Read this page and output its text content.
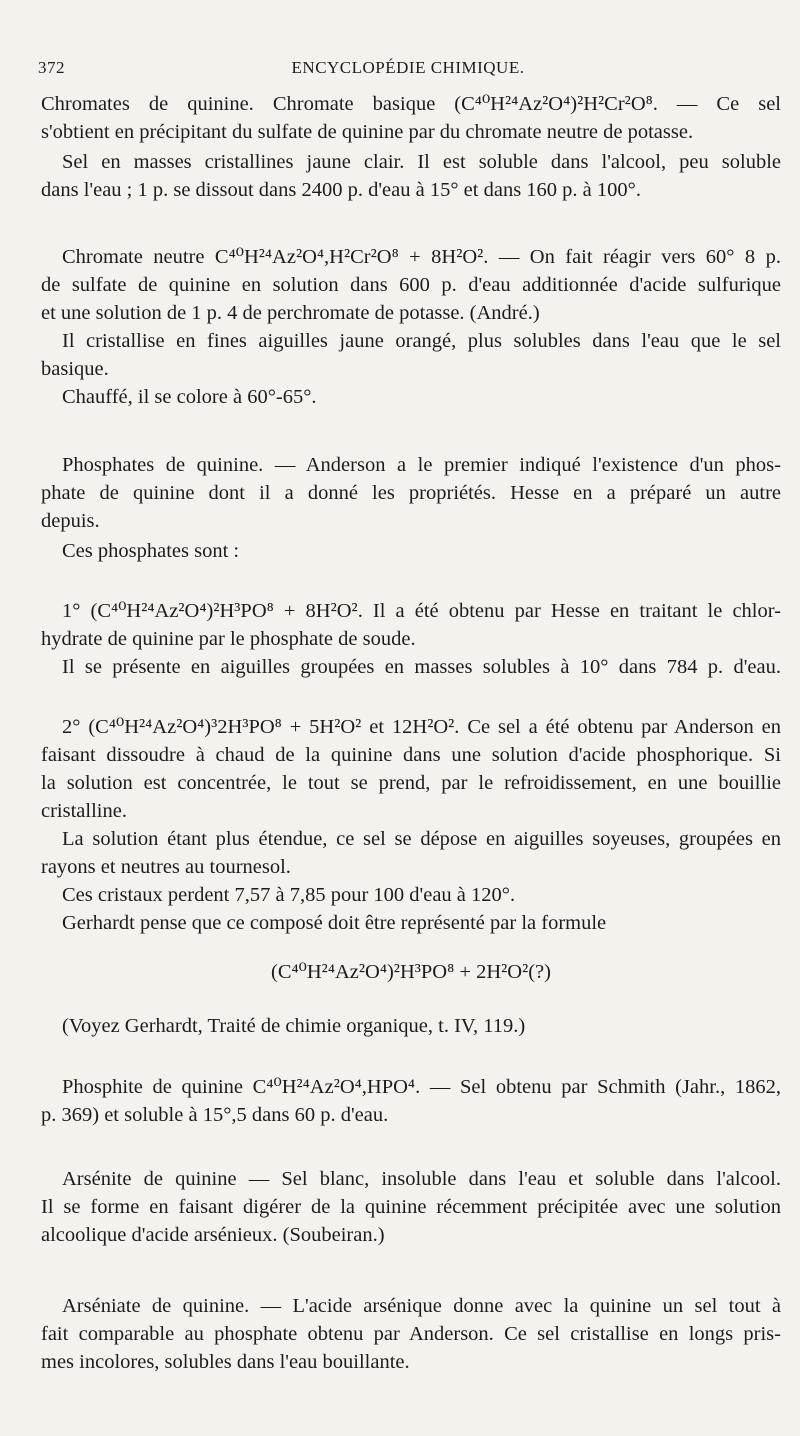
372	ENCYCLOPÉDIE CHIMIQUE.
Chromates de quinine. Chromate basique (C⁴⁰H²⁴Az²O⁴)²H²Cr²O⁸. — Ce sel
s'obtient en précipitant du sulfate de quinine par du chromate neutre de potasse.
Sel en masses cristallines jaune clair. Il est soluble dans l'alcool, peu soluble
dans l'eau ; 1 p. se dissout dans 2400 p. d'eau à 15° et dans 160 p. à 100°.
Chromate neutre C⁴⁰H²⁴Az²O⁴,H²Cr²O⁸ + 8H²O². — On fait réagir vers 60° 8 p.
de sulfate de quinine en solution dans 600 p. d'eau additionnée d'acide sulfurique
et une solution de 1 p. 4 de perchromate de potasse. (André.)
Il cristallise en fines aiguilles jaune orangé, plus solubles dans l'eau que le sel
basique.
Chauffé, il se colore à 60°-65°.
Phosphates de quinine. — Anderson a le premier indiqué l'existence d'un phos-
phate de quinine dont il a donné les propriétés. Hesse en a préparé un autre
depuis.
Ces phosphates sont :
1° (C⁴⁰H²⁴Az²O⁴)²H³PO⁸ + 8H²O². Il a été obtenu par Hesse en traitant le chlor-
hydrate de quinine par le phosphate de soude.
Il se présente en aiguilles groupées en masses solubles à 10° dans 784 p. d'eau.
2° (C⁴⁰H²⁴Az²O⁴)³2H³PO⁸ + 5H²O² et 12H²O². Ce sel a été obtenu par Anderson en
faisant dissoudre à chaud de la quinine dans une solution d'acide phosphorique. Si
la solution est concentrée, le tout se prend, par le refroidissement, en une bouillie
cristalline.
La solution étant plus étendue, ce sel se dépose en aiguilles soyeuses, groupées en
rayons et neutres au tournesol.
Ces cristaux perdent 7,57 à 7,85 pour 100 d'eau à 120°.
Gerhardt pense que ce composé doit être représenté par la formule
(C⁴⁰H²⁴Az²O⁴)²H³PO⁸ + 2H²O²(?)
(Voyez Gerhardt, Traité de chimie organique, t. IV, 119.)
Phosphite de quinine C⁴⁰H²⁴Az²O⁴,HPO⁴. — Sel obtenu par Schmith (Jahr., 1862,
p. 369) et soluble à 15°,5 dans 60 p. d'eau.
Arsénite de quinine — Sel blanc, insoluble dans l'eau et soluble dans l'alcool.
Il se forme en faisant digérer de la quinine récemment précipitée avec une solution
alcoolique d'acide arsénieux. (Soubeiran.)
Arséniate de quinine. — L'acide arsénique donne avec la quinine un sel tout à
fait comparable au phosphate obtenu par Anderson. Ce sel cristallise en longs pris-
mes incolores, solubles dans l'eau bouillante.
